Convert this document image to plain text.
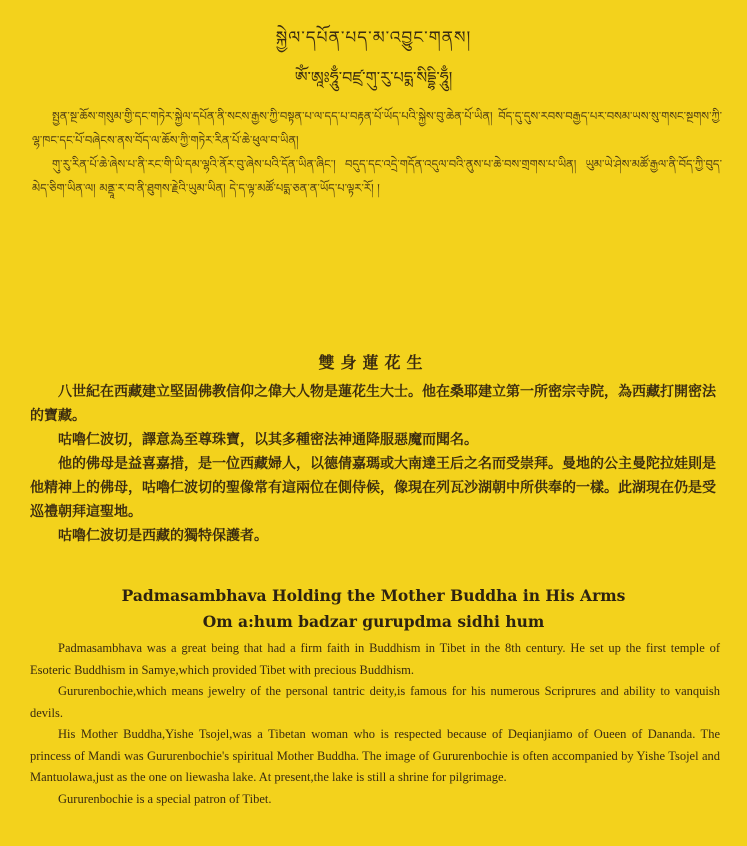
སྐྱེལ་དཔོན་པད་མ་འབྱུང་གནས།
ཨོཾ་ཨཱཿཧཱུྃ་བཛྲ་གུ་རུ་པདྨ་སིདྡྷི་ཧཱུྃ།

སྤྱན་སྔ་ཆོས་གསུམ་གྱི་དང་གཏེར་སྐྱེལ་དཔོན་ནི་སངས་རྒྱས་ཀྱི་བསྟན་པ་ལ་དད་པ་བརྟན་པོ་ཡོད་པའི་སྐྱེས་བུ་ཆེན་པོ་ཡིན། བོད་དུ་དུས་རབས་བརྒྱད་པར་བསམ་ཡས་སུ་གསང་སྔགས་ཀྱི་ལྷ་ཁང་དང་པོ་བཞེངས་ནས་བོད་ལ་ཆོས་ཀྱི་གཏེར་རིན་པོ་ཆེ་ཕུལ་བ་ཡིན།

གུ་རུ་རིན་པོ་ཆེ་ཞེས་པ་ནི་རང་གི་ཡི་དམ་ལྷའི་ནོར་བུ་ཞེས་པའི་དོན་ཡིན་ཞིང༌། བདུད་དང་འདྲེ་གདོན་འདུལ་བའི་ནུས་པ་ཆེ་བས་གྲགས་པ་ཡིན། ཡུམ་ཡེ་ཤེས་མཚོ་རྒྱལ་ནི་བོད་ཀྱི་བུད་མེད་ཅིག་ཡིན་ལ། མནྡཱ་ར་བ་ནི་ཐུགས་རྗེའི་ཡུམ་ཡིན། དེ་ད་ལྟ་མཚོ་པདྨ་ཅན་ན་ཡོད་པ་ལྟར་རོ། །

雙身蓮花生

八世紀在西藏建立堅固佛教信仰之偉大人物是蓮花生大士。他在桑耶建立第一所密宗寺院，為西藏打開密法的寶藏。

咕嚕仁波切，譯意為至尊珠寶，以其多種密法神通降服惡魔而聞名。

他的佛母是益喜嘉措，是一位西藏婦人，以德倩嘉瑪或大南達王后之名而受崇拜。曼地的公主曼陀拉娃則是他精神上的佛母，咕嚕仁波切的聖像常有這兩位在側侍候，像現在列瓦沙湖朝中所供奉的一樣。此湖現在仍是受巡禮朝拜這聖地。

咕嚕仁波切是西藏的獨特保護者。

Padmasambhava Holding the Mother Buddha in His Arms
Om a:hum badzar gurupdma sidhi hum

Padmasambhava was a great being that had a firm faith in Buddhism in Tibet in the 8th century. He set up the first temple of Esoteric Buddhism in Samye,which provided Tibet with precious Buddhism.

Gururenbochie,which means jewelry of the personal tantric deity,is famous for his numerous Scriprures and ability to vanquish devils.

His Mother Buddha,Yishe Tsojel,was a Tibetan woman who is respected because of Deqianjiamo of Oueen of Dananda. The princess of Mandi was Gururenbochie's spiritual Mother Buddha. The image of Gururenbochie is often accompanied by Yishe Tsojel and Mantuolawa,just as the one on liewasha lake. At present,the lake is still a shrine for pilgrimage.

Gururenbochie is a special patron of Tibet.
